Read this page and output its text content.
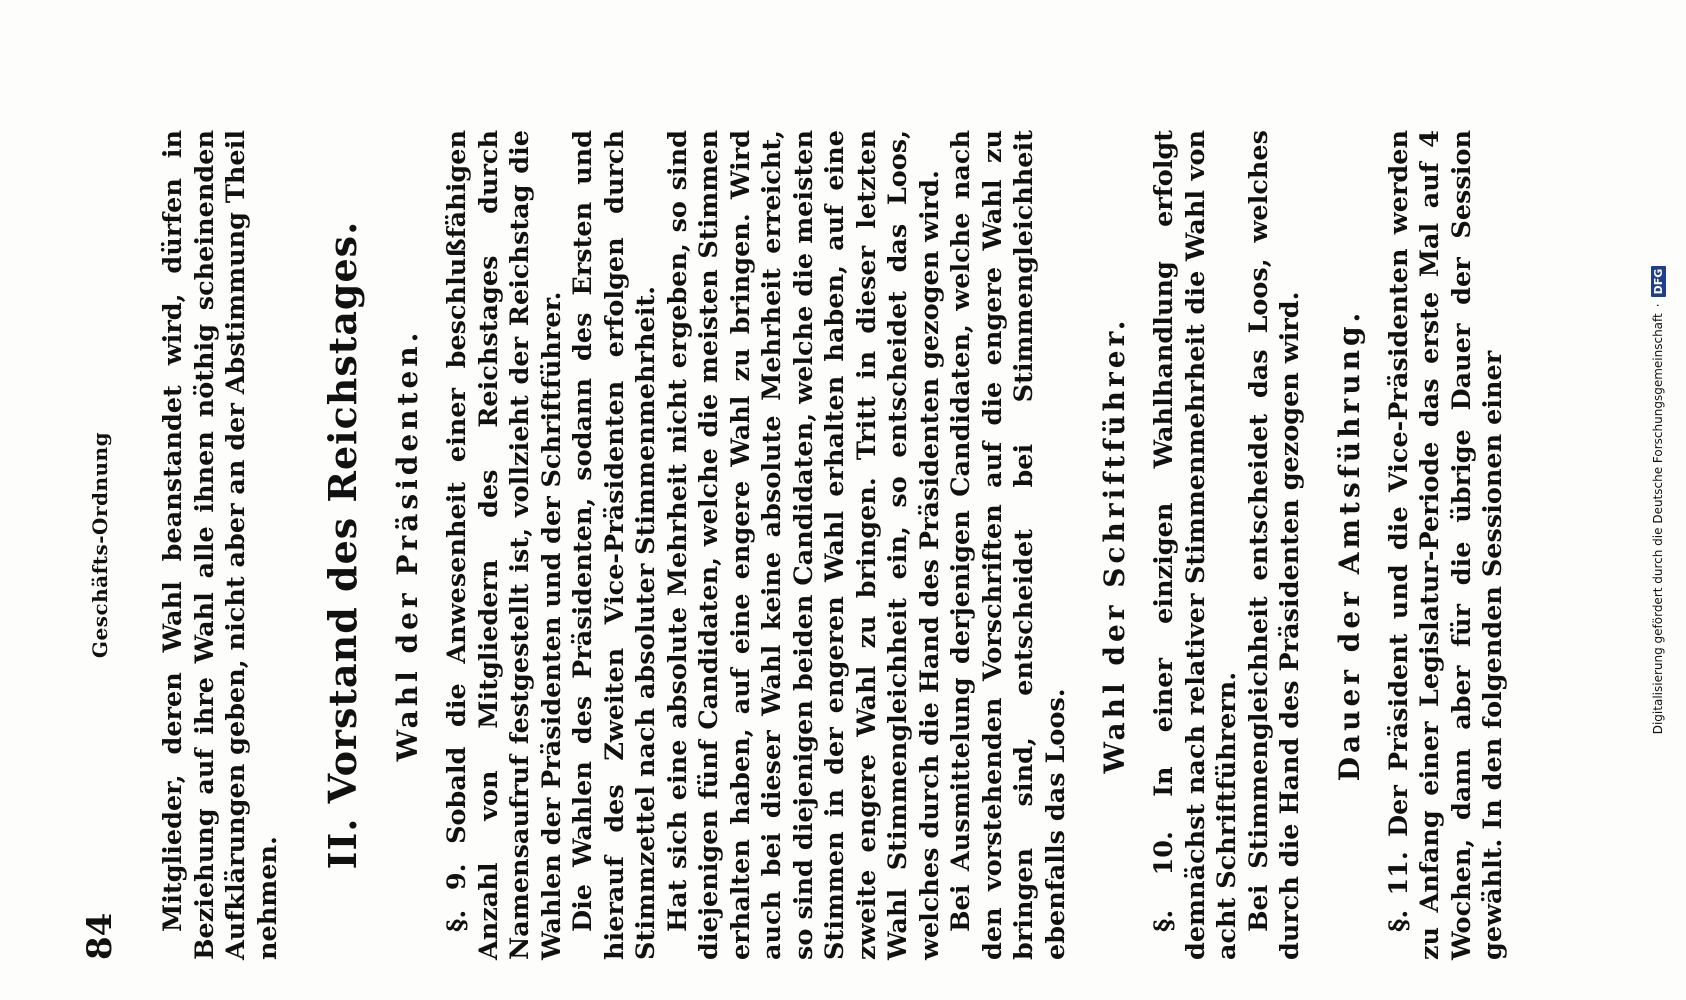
84
Geschäfts-Ordnung Mitglieder, deren Wahl beanstandet wird, dürfen in Beziehung auf ihre Wahl alle ihnen nöthig scheinenden Aufklärungen geben, nicht aber an der Abstimmung Theil nehmen.

II. Vorstand des Reichstages. Wahl der Präsidenten. §. 9. Sobald die Anwesenheit einer beschlußfähigen Anzahl von Mitgliedern des Reichstages durch Namensaufruf festgestellt ist, vollzieht der Reichstag die Wahlen der Präsidenten und der Schriftführer. Die Wahlen des Präsidenten, sodann des Ersten und hierauf des Zweiten Vice-Präsidenten erfolgen durch Stimmzettel nach absoluter Stimmenmehrheit. Hat sich eine absolute Mehrheit nicht ergeben, so sind diejenigen fünf Candidaten, welche die meisten Stimmen erhalten haben, auf eine engere Wahl zu bringen. Wird auch bei dieser Wahl keine absolute Mehrheit erreicht, so sind diejenigen beiden Candidaten, welche die meisten Stimmen in der engeren Wahl erhalten haben, auf eine zweite engere Wahl zu bringen. Tritt in dieser letzten Wahl Stimmengleichheit ein, so entscheidet das Loos, welches durch die Hand des Präsidenten gezogen wird. Bei Ausmittelung derjenigen Candidaten, welche nach den vorstehenden Vorschriften auf die engere Wahl zu bringen sind, entscheidet bei Stimmengleichheit ebenfalls das Loos.

Wahl der Schriftführer. §. 10. In einer einzigen Wahlhandlung erfolgt demnächst nach relativer Stimmenmehrheit die Wahl von acht Schriftführern. Bei Stimmengleichheit entscheidet das Loos, welches durch die Hand des Präsidenten gezogen wird. Dauer der Amtsführung. §. 11. Der Präsident und die Vice-Präsidenten werden zu Anfang einer Legislatur-Periode das erste Mal auf 4 Wochen, dann aber für die übrige Dauer der Session gewählt. In den folgenden Sessionen einer	Digitalisierung gefördert durch die Deutsche Forschungsgemeinschaft
·
DFG
